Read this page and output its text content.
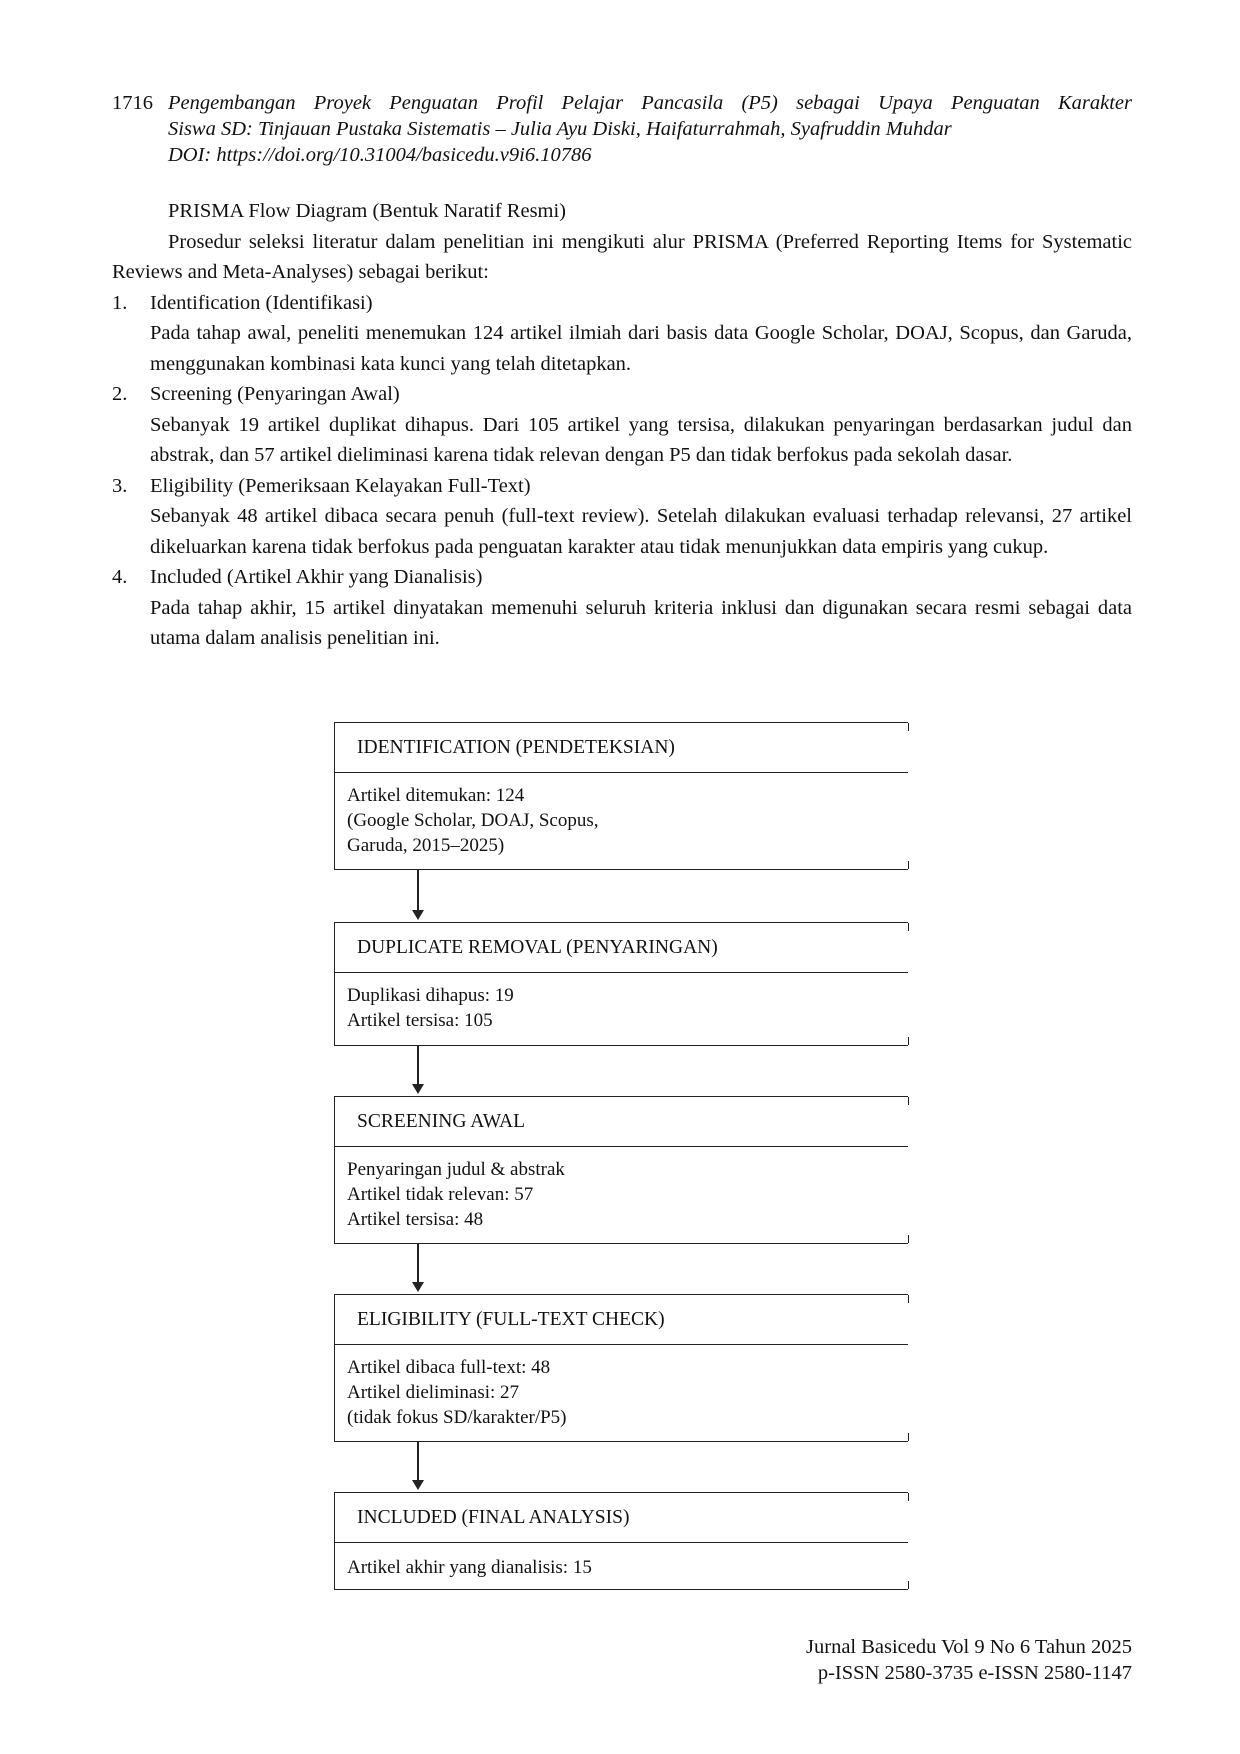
1716 Pengembangan Proyek Penguatan Profil Pelajar Pancasila (P5) sebagai Upaya Penguatan Karakter
Siswa SD: Tinjauan Pustaka Sistematis – Julia Ayu Diski, Haifaturrahmah, Syafruddin Muhdar
DOI: https://doi.org/10.31004/basicedu.v9i6.10786

PRISMA Flow Diagram (Bentuk Naratif Resmi)

Prosedur seleksi literatur dalam penelitian ini mengikuti alur PRISMA (Preferred Reporting Items for Systematic Reviews and Meta-Analyses) sebagai berikut:

1. Identification (Identifikasi)
Pada tahap awal, peneliti menemukan 124 artikel ilmiah dari basis data Google Scholar, DOAJ, Scopus, dan Garuda, menggunakan kombinasi kata kunci yang telah ditetapkan.
2. Screening (Penyaringan Awal)
Sebanyak 19 artikel duplikat dihapus. Dari 105 artikel yang tersisa, dilakukan penyaringan berdasarkan judul dan abstrak, dan 57 artikel dieliminasi karena tidak relevan dengan P5 dan tidak berfokus pada sekolah dasar.
3. Eligibility (Pemeriksaan Kelayakan Full-Text)
Sebanyak 48 artikel dibaca secara penuh (full-text review). Setelah dilakukan evaluasi terhadap relevansi, 27 artikel dikeluarkan karena tidak berfokus pada penguatan karakter atau tidak menunjukkan data empiris yang cukup.
4. Included (Artikel Akhir yang Dianalisis)
Pada tahap akhir, 15 artikel dinyatakan memenuhi seluruh kriteria inklusi dan digunakan secara resmi sebagai data utama dalam analisis penelitian ini.
IDENTIFICATION (PENDETEKSIAN)
Artikel ditemukan: 124
(Google Scholar, DOAJ, Scopus,
Garuda, 2015–2025)
DUPLICATE REMOVAL (PENYARINGAN)
Duplikasi dihapus: 19
Artikel tersisa: 105
SCREENING AWAL
Penyaringan judul & abstrak
Artikel tidak relevan: 57
Artikel tersisa: 48
ELIGIBILITY (FULL-TEXT CHECK)
Artikel dibaca full-text: 48
Artikel dieliminasi: 27
(tidak fokus SD/karakter/P5)
INCLUDED (FINAL ANALYSIS)
Artikel akhir yang dianalisis: 15
Jurnal Basicedu Vol 9 No 6 Tahun 2025
p-ISSN 2580-3735 e-ISSN 2580-1147
